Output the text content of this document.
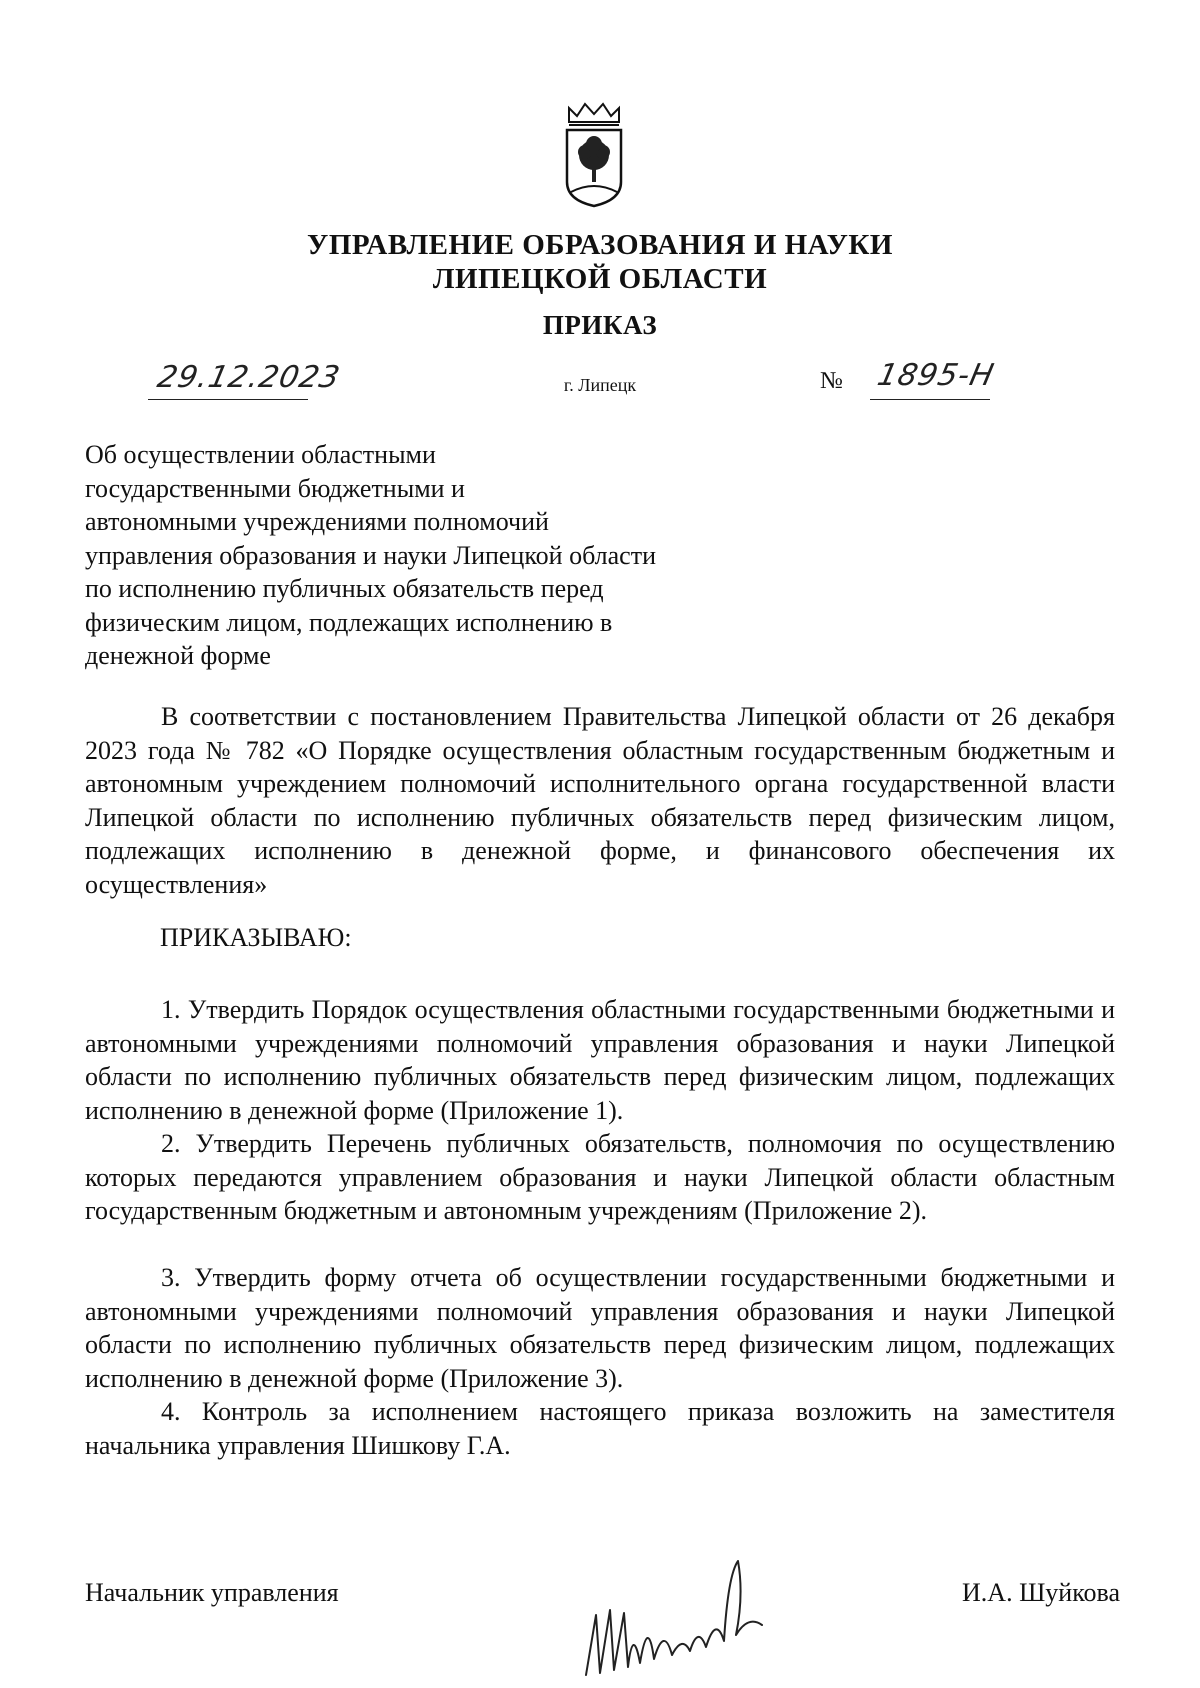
УПРАВЛЕНИЕ ОБРАЗОВАНИЯ И НАУКИ
ЛИПЕЦКОЙ ОБЛАСТИ
ПРИКАЗ
29.12.2023	г. Липецк	№ 1895-Н
Об осуществлении областными
государственными бюджетными и
автономными учреждениями полномочий
управления образования и науки Липецкой области
по исполнению публичных обязательств перед
физическим лицом, подлежащих исполнению в
денежной форме
В соответствии с постановлением Правительства Липецкой области от 26 декабря 2023 года № 782 «О Порядке осуществления областным государственным бюджетным и автономным учреждением полномочий исполнительного органа государственной власти Липецкой области по исполнению публичных обязательств перед физическим лицом, подлежащих исполнению в денежной форме, и финансового обеспечения их осуществления»
ПРИКАЗЫВАЮ:
1. Утвердить Порядок осуществления областными государственными бюджетными и автономными учреждениями полномочий управления образования и науки Липецкой области по исполнению публичных обязательств перед физическим лицом, подлежащих исполнению в денежной форме (Приложение 1).
2. Утвердить Перечень публичных обязательств, полномочия по осуществлению которых передаются управлением образования и науки Липецкой области областным государственным бюджетным и автономным учреждениям (Приложение 2).
3. Утвердить форму отчета об осуществлении государственными бюджетными и автономными учреждениями полномочий управления образования и науки Липецкой области по исполнению публичных обязательств перед физическим лицом, подлежащих исполнению в денежной форме (Приложение 3).
4. Контроль за исполнением настоящего приказа возложить на заместителя начальника управления Шишкову Г.А.
Начальник управления	И.А. Шуйкова
